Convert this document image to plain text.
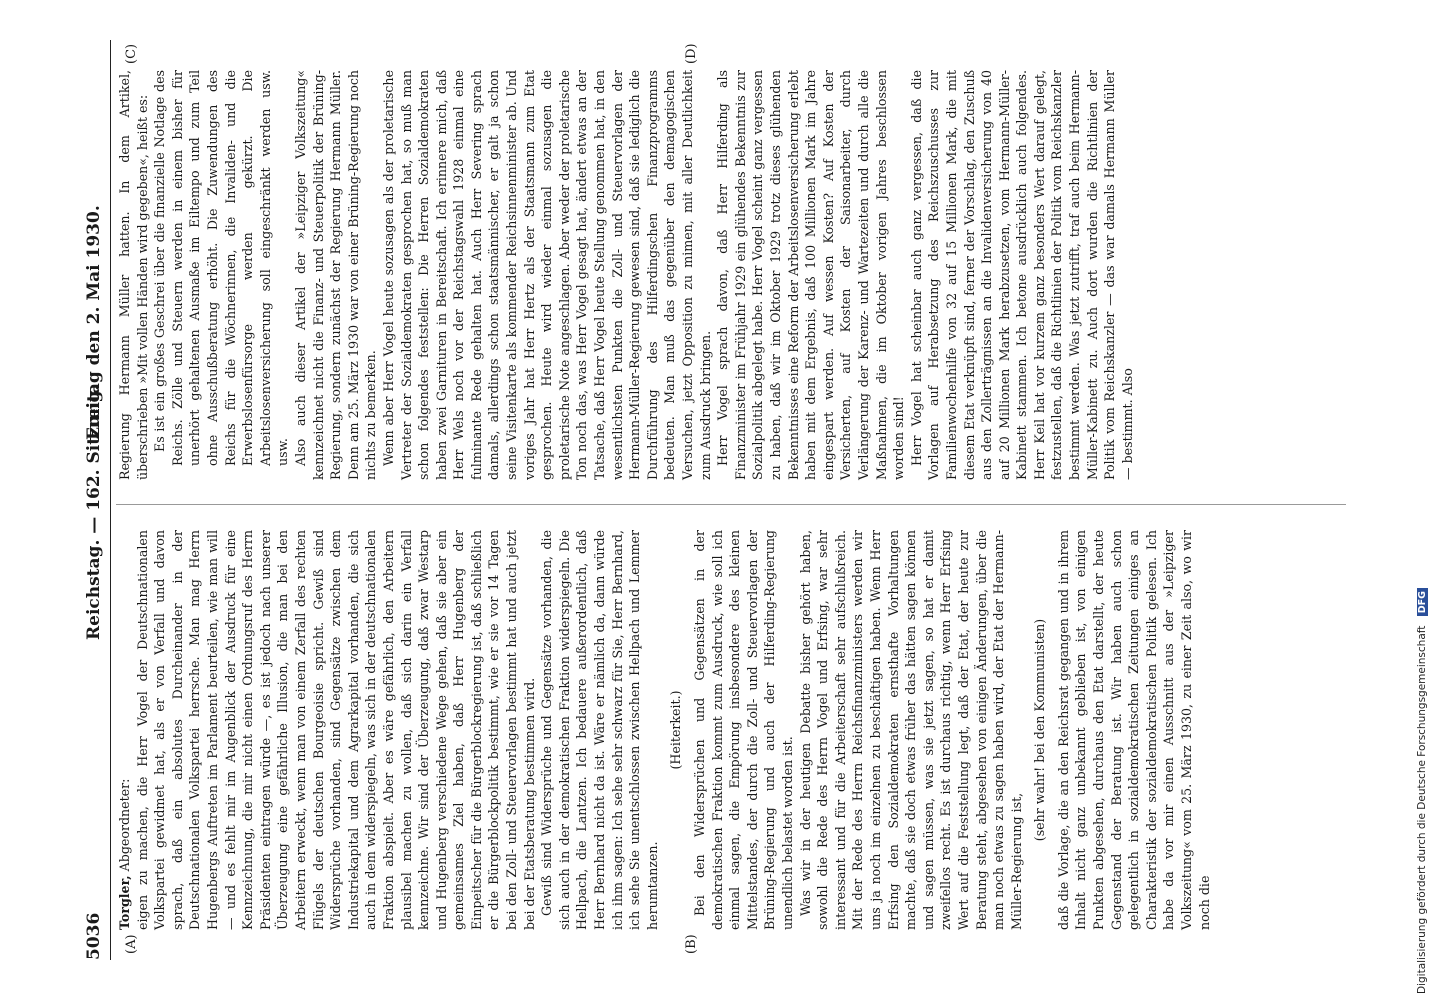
5036
Reichstag. — 162. Sitzung.
Freitag den 2. Mai 1930.
(A)	(B)
(C)	(D)

Torgler, Abgeordneter: eigen zu machen, die Herr Vogel der Deutschnationalen Volkspartei gewidmet hat, als er von Verfall und davon sprach, daß ein absolutes Durcheinander in der Deutschnationalen Volkspartei herrsche. Man mag Herrn Hugenbergs Auftreten im Parlament beurteilen, wie man will — und es fehlt mir im Augenblick der Ausdruck für eine Kennzeichnung, die mir nicht einen Ordnungsruf des Herrn Präsidenten eintragen würde —, es ist jedoch nach unserer Überzeugung eine gefährliche Illusion, die man bei den Arbeitern erweckt, wenn man von einem Zerfall des rechten Flügels der deutschen Bourgeoisie spricht. Gewiß sind Widersprüche vorhanden, sind Gegensätze zwischen dem Industriekapital und dem Agrarkapital vorhanden, die sich auch in dem widerspiegeln, was sich in der deutschnationalen Fraktion abspielt. Aber es wäre gefährlich, den Arbeitern plausibel machen zu wollen, daß sich darin ein Verfall kennzeichne. Wir sind der Überzeugung, daß zwar Westarp und Hugenberg verschiedene Wege gehen, daß sie aber ein gemeinsames Ziel haben, daß Herr Hugenberg der Einpeitscher für die Bürgerblockregierung ist, daß schließlich er die Bürgerblockpolitik bestimmt, wie er sie vor 14 Tagen bei den Zoll- und Steuervorlagen bestimmt hat und auch jetzt bei der Etatsberatung bestimmen wird. Gewiß sind Widersprüche und Gegensätze vorhanden, die sich auch in der demokratischen Fraktion widerspiegeln. Die Hellpach, die Lantzen. Ich bedauere außerordentlich, daß Herr Bernhard nicht da ist. Wäre er nämlich da, dann würde ich ihm sagen: Ich sehe sehr schwarz für Sie, Herr Bernhard, ich sehe Sie unentschlossen zwischen Hellpach und Lemmer herumtanzen.

(Heiterkeit.) Bei den Widersprüchen und Gegensätzen in der demokratischen Fraktion kommt zum Ausdruck, wie soll ich einmal sagen, die Empörung insbesondere des kleinen Mittelstandes, der durch die Zoll- und Steuervorlagen der Brüning-Regierung und auch der Hilferding-Regierung unendlich belastet worden ist. Was wir in der heutigen Debatte bisher gehört haben, sowohl die Rede des Herrn Vogel und Erfsing, war sehr interessant und für die Arbeiterschaft sehr aufschlußreich. Mit der Rede des Herrn Reichsfinanzministers werden wir uns ja noch im einzelnen zu beschäftigen haben. Wenn Herr Erfsing den Sozialdemokraten ernsthafte Vorhaltungen machte, daß sie doch etwas früher das hätten sagen können und sagen müssen, was sie jetzt sagen, so hat er damit zweifellos recht. Es ist durchaus richtig, wenn Herr Erfsing Wert auf die Feststellung legt, daß der Etat, der heute zur Beratung steht, abgesehen von einigen Änderungen, über die man noch etwas zu sagen haben wird, der Etat der Hermann-Müller-Regierung ist,

(sehr wahr! bei den Kommunisten) daß die Vorlage, die an den Reichsrat gegangen und in ihrem Inhalt nicht ganz unbekannt geblieben ist, von einigen Punkten abgesehen, durchaus den Etat darstellt, der heute Gegenstand der Beratung ist. Wir haben auch schon gelegentlich in sozialdemokratischen Zeitungen einiges an Charakteristik der sozialdemokratischen Politik gelesen. Ich habe da vor mir einen Ausschnitt aus der »Leipziger Volkszeitung« vom 25. März 1930, zu einer Zeit also, wo wir noch die

Regierung Hermann Müller hatten. In dem Artikel, überschrieben »Mit vollen Händen wird gegeben«, heißt es: Es ist ein großes Geschrei über die finanzielle Notlage des Reichs. Zölle und Steuern werden in einem bisher für unerhört gehaltenen Ausmaße im Eiltempo und zum Teil ohne Ausschußberatung erhöht. Die Zuwendungen des Reichs für die Wöchnerinnen, die Invaliden- und die Erwerbslosenfürsorge werden gekürzt. Die Arbeitslosenversicherung soll eingeschränkt werden usw. usw. Also auch dieser Artikel der »Leipziger Volkszeitung« kennzeichnet nicht die Finanz- und Steuerpolitik der Brüning-Regierung, sondern zunächst der Regierung Hermann Müller. Denn am 25. März 1930 war von einer Brüning-Regierung noch nichts zu bemerken. Wenn aber Herr Vogel heute sozusagen als der proletarische Vertreter der Sozialdemokraten gesprochen hat, so muß man schon folgendes feststellen: Die Herren Sozialdemokraten haben zwei Garnituren in Bereitschaft. Ich erinnere mich, daß Herr Wels noch vor der Reichstagswahl 1928 einmal eine fulminante Rede gehalten hat. Auch Herr Severing sprach damals, allerdings schon staatsmännischer, er galt ja schon seine Visitenkarte als kommender Reichsinnenminister ab. Und voriges Jahr hat Herr Hertz als der Staatsmann zum Etat gesprochen. Heute wird wieder einmal sozusagen die proletarische Note angeschlagen. Aber weder der proletarische Ton noch das, was Herr Vogel gesagt hat, ändert etwas an der Tatsache, daß Herr Vogel heute Stellung genommen hat, in den wesentlichsten Punkten die Zoll- und Steuervorlagen der Hermann-Müller-Regierung gewesen sind, daß sie lediglich die Durchführung des Hilferdingschen Finanzprogramms bedeuten. Man muß das gegenüber den demagogischen Versuchen, jetzt Opposition zu mimen, mit aller Deutlichkeit zum Ausdruck bringen. Herr Vogel sprach davon, daß Herr Hilferding als Finanzminister im Frühjahr 1929 ein glühendes Bekenntnis zur Sozialpolitik abgelegt habe. Herr Vogel scheint ganz vergessen zu haben, daß wir im Oktober 1929 trotz dieses glühenden Bekenntnisses eine Reform der Arbeitslosenversicherung erlebt haben mit dem Ergebnis, daß 100 Millionen Mark im Jahre eingespart werden. Auf wessen Kosten? Auf Kosten der Versicherten, auf Kosten der Saisonarbeiter, durch Verlängerung der Karenz- und Wartezeiten und durch alle die Maßnahmen, die im Oktober vorigen Jahres beschlossen worden sind! Herr Vogel hat scheinbar auch ganz vergessen, daß die Vorlagen auf Herabsetzung des Reichszuschusses zur Familienwochenhilfe von 32 auf 15 Millionen Mark, die mit diesem Etat verknüpft sind, ferner der Vorschlag, den Zuschuß aus den Zollerträgnissen an die Invalidenversicherung von 40 auf 20 Millionen Mark herabzusetzen, vom Hermann-Müller-Kabinett stammen. Ich betone ausdrücklich auch folgendes. Herr Keil hat vor kurzem ganz besonders Wert darauf gelegt, festzustellen, daß die Richtlinien der Politik vom Reichskanzler bestimmt werden. Was jetzt zutrifft, traf auch beim Hermann-Müller-Kabinett zu. Auch dort wurden die Richtlinien der Politik vom Reichskanzler — das war damals Hermann Müller — bestimmt. Also

Digitalisierung gefördert durch die Deutsche Forschungsgemeinschaft DFG
